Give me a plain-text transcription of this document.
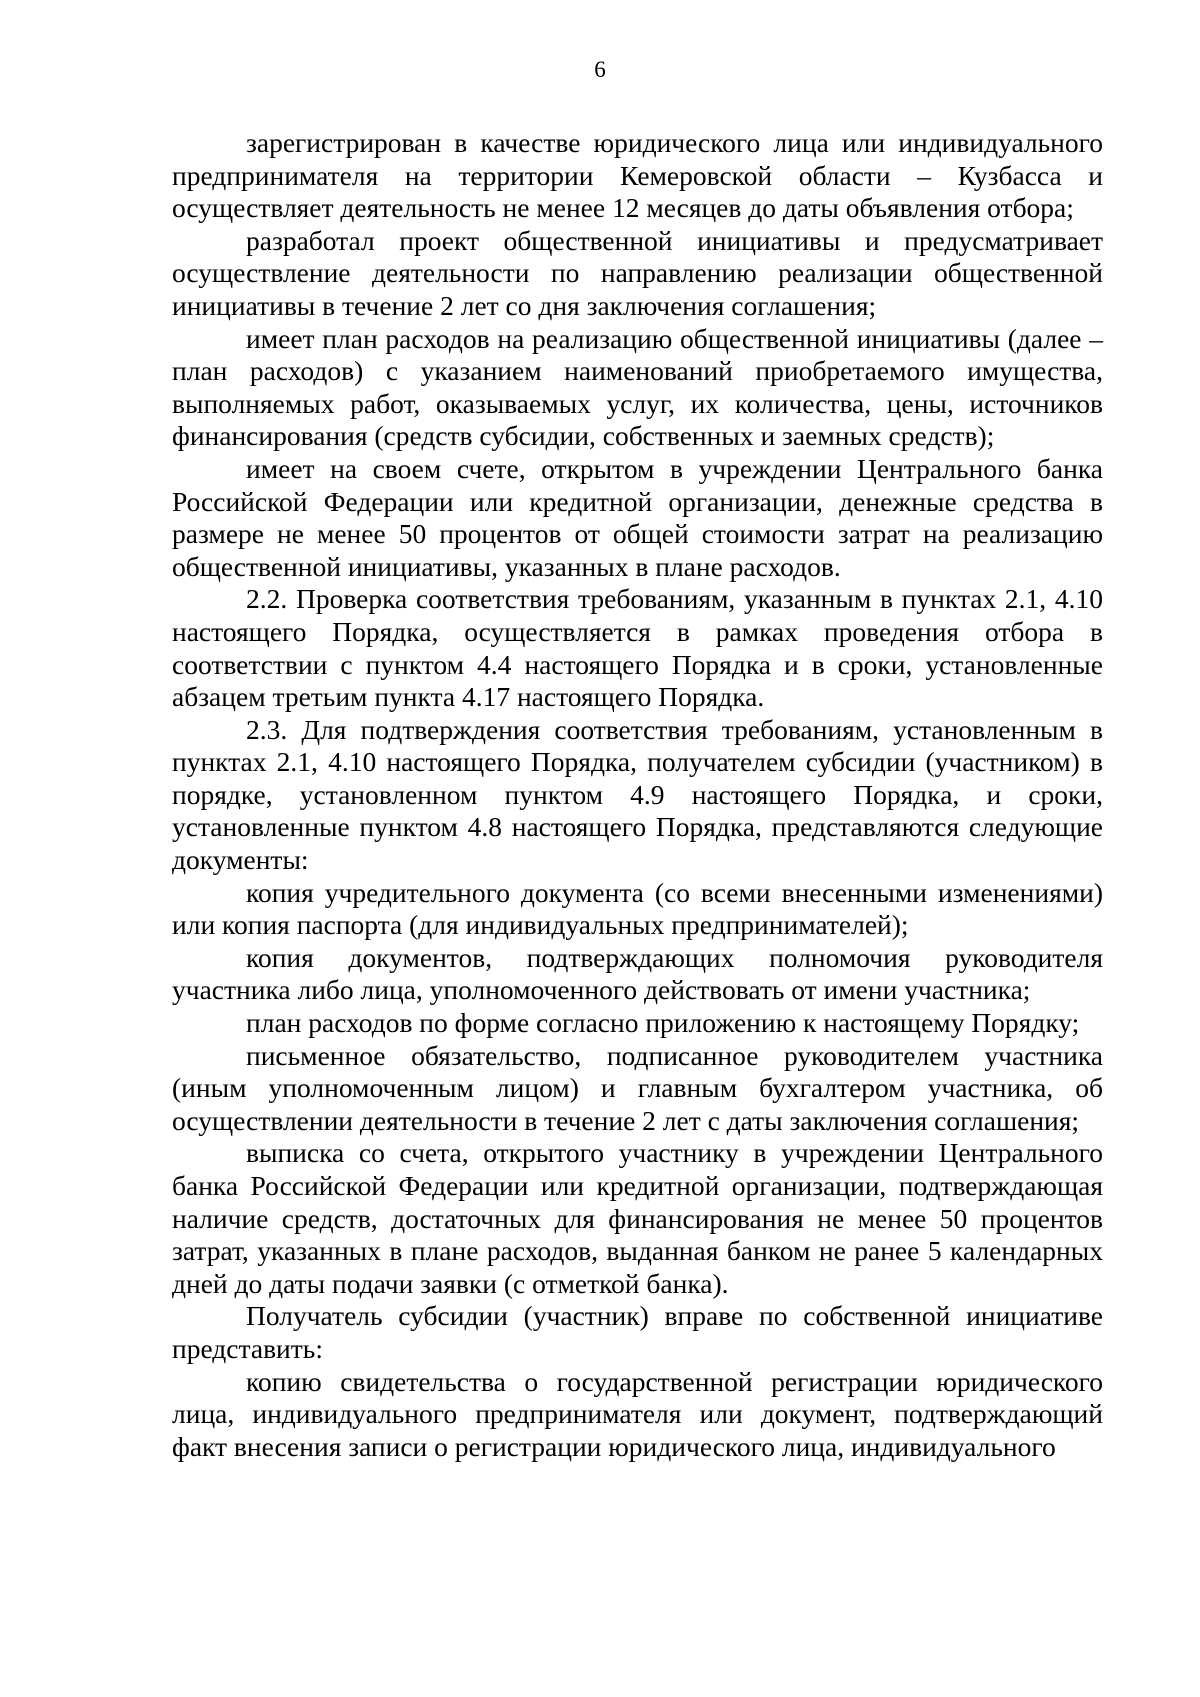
6

зарегистрирован в качестве юридического лица или индивидуального предпринимателя на территории Кемеровской области – Кузбасса и осуществляет деятельность не менее 12 месяцев до даты объявления отбора;

разработал проект общественной инициативы и предусматривает осуществление деятельности по направлению реализации общественной инициативы в течение 2 лет со дня заключения соглашения;

имеет план расходов на реализацию общественной инициативы (далее – план расходов) с указанием наименований приобретаемого имущества, выполняемых работ, оказываемых услуг, их количества, цены, источников финансирования (средств субсидии, собственных и заемных средств);

имеет на своем счете, открытом в учреждении Центрального банка Российской Федерации или кредитной организации, денежные средства в размере не менее 50 процентов от общей стоимости затрат на реализацию общественной инициативы, указанных в плане расходов.

2.2. Проверка соответствия требованиям, указанным в пунктах 2.1, 4.10 настоящего Порядка, осуществляется в рамках проведения отбора в соответствии с пунктом 4.4 настоящего Порядка и в сроки, установленные абзацем третьим пункта 4.17 настоящего Порядка.

2.3. Для подтверждения соответствия требованиям, установленным в пунктах 2.1, 4.10 настоящего Порядка, получателем субсидии (участником) в порядке, установленном пунктом 4.9 настоящего Порядка, и сроки, установленные пунктом 4.8 настоящего Порядка, представляются следующие документы:

копия учредительного документа (со всеми внесенными изменениями) или копия паспорта (для индивидуальных предпринимателей);

копия документов, подтверждающих полномочия руководителя участника либо лица, уполномоченного действовать от имени участника;

план расходов по форме согласно приложению к настоящему Порядку;

письменное обязательство, подписанное руководителем участника (иным уполномоченным лицом) и главным бухгалтером участника, об осуществлении деятельности в течение 2 лет с даты заключения соглашения;

выписка со счета, открытого участнику в учреждении Центрального банка Российской Федерации или кредитной организации, подтверждающая наличие средств, достаточных для финансирования не менее 50 процентов затрат, указанных в плане расходов, выданная банком не ранее 5 календарных дней до даты подачи заявки (с отметкой банка).

Получатель субсидии (участник) вправе по собственной инициативе представить:

копию свидетельства о государственной регистрации юридического лица, индивидуального предпринимателя или документ, подтверждающий факт внесения записи о регистрации юридического лица, индивидуального
